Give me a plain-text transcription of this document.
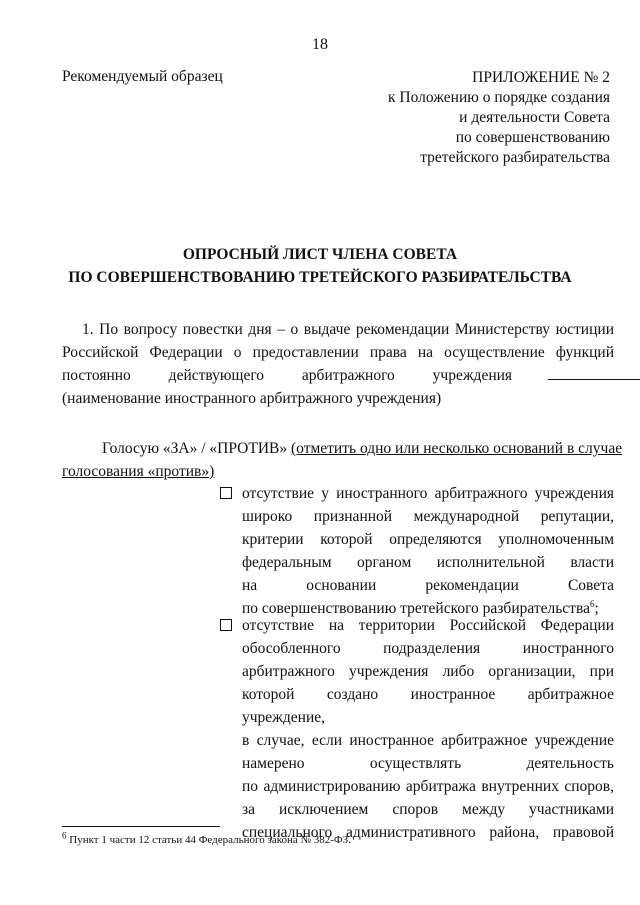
18
Рекомендуемый образец	ПРИЛОЖЕНИЕ № 2
к Положению о порядке создания
и деятельности Совета
по совершенствованию
третейского разбирательства
ОПРОСНЫЙ ЛИСТ ЧЛЕНА СОВЕТА
ПО СОВЕРШЕНСТВОВАНИЮ ТРЕТЕЙСКОГО РАЗБИРАТЕЛЬСТВА
1. По вопросу повестки дня – о выдаче рекомендации Министерству юстиции
Российской Федерации о предоставлении права на осуществление функций
постоянно действующего арбитражного учреждения
(наименование иностранного арбитражного учреждения)
Голосую «ЗА» / «ПРОТИВ» (отметить одно или несколько оснований в случае
голосования «против»)
отсутствие у иностранного арбитражного учреждения
широко признанной международной репутации,
критерии которой определяются уполномоченным
федеральным органом исполнительной власти
на основании рекомендации Совета
по совершенствованию третейского разбирательства$^6$;
отсутствие на территории Российской Федерации
обособленного подразделения иностранного
арбитражного учреждения либо организации, при
которой создано иностранное арбитражное учреждение,
в случае, если иностранное арбитражное учреждение
намерено осуществлять деятельность
по администрированию арбитража внутренних споров,
за исключением споров между участниками
специального административного района, правовой
$^6$ Пункт 1 части 12 статьи 44 Федерального закона № 382-ФЗ.
